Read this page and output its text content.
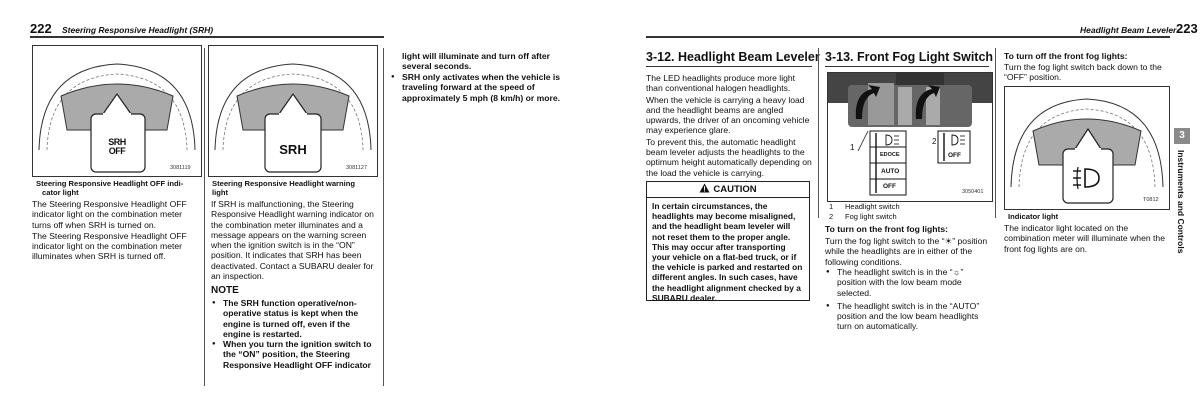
222 Steering Responsive Headlight (SRH)
SRH
OFF
3081119
Steering Responsive Headlight OFF indi-
cator light

The Steering Responsive Headlight OFF indicator light on the combination meter turns off when SRH is turned on.

The Steering Responsive Headlight OFF indicator light on the combination meter illuminates when SRH is turned off.

SRH
3081127
Steering Responsive Headlight warning
light
If SRH is malfunctioning, the Steering Responsive Headlight warning indicator on the combination meter illuminates and a message appears on the warning screen when the ignition switch is in the “ON” position. It indicates that SRH has been deactivated. Contact a SUBARU dealer for an inspection.
NOTE
● The SRH function operative/non-operative status is kept when the engine is turned off, even if the engine is restarted.
● When you turn the ignition switch to the “ON” position, the Steering Responsive Headlight OFF indicator
light will illuminate and turn off after several seconds.
● SRH only activates when the vehicle is traveling forward at the speed of approximately 5 mph (8 km/h) or more.
Headlight Beam Leveler 223
3-12. Headlight Beam Leveler

The LED headlights produce more light than conventional halogen headlights.

When the vehicle is carrying a heavy load and the headlight beams are angled upwards, the driver of an oncoming vehicle may experience glare.

To prevent this, the automatic headlight beam leveler adjusts the headlights to the optimum height automatically depending on the load the vehicle is carrying.

CAUTION
In certain circumstances, the headlights may become misaligned, and the headlight beam leveler will not reset them to the proper angle. This may occur after transporting your vehicle on a flat-bed truck, or if the vehicle is parked and restarted on different angles. In such cases, have the headlight alignment checked by a SUBARU dealer.
3-13. Front Fog Light Switch
1
2
EDOCE
AUTO
OFF
OFF
3050401
1 Headlight switch
2 Fog light switch
To turn on the front fog lights:
Turn the fog light switch to the “☀” position while the headlights are in either of the following conditions.
● The headlight switch is in the “☼” position with the low beam mode selected.
● The headlight switch is in the “AUTO” position and the low beam headlights turn on automatically.
To turn off the front fog lights:
Turn the fog light switch back down to the “OFF” position.
T0812
Indicator light
The indicator light located on the combination meter will illuminate when the front fog lights are on.
3
Instruments and Controls
